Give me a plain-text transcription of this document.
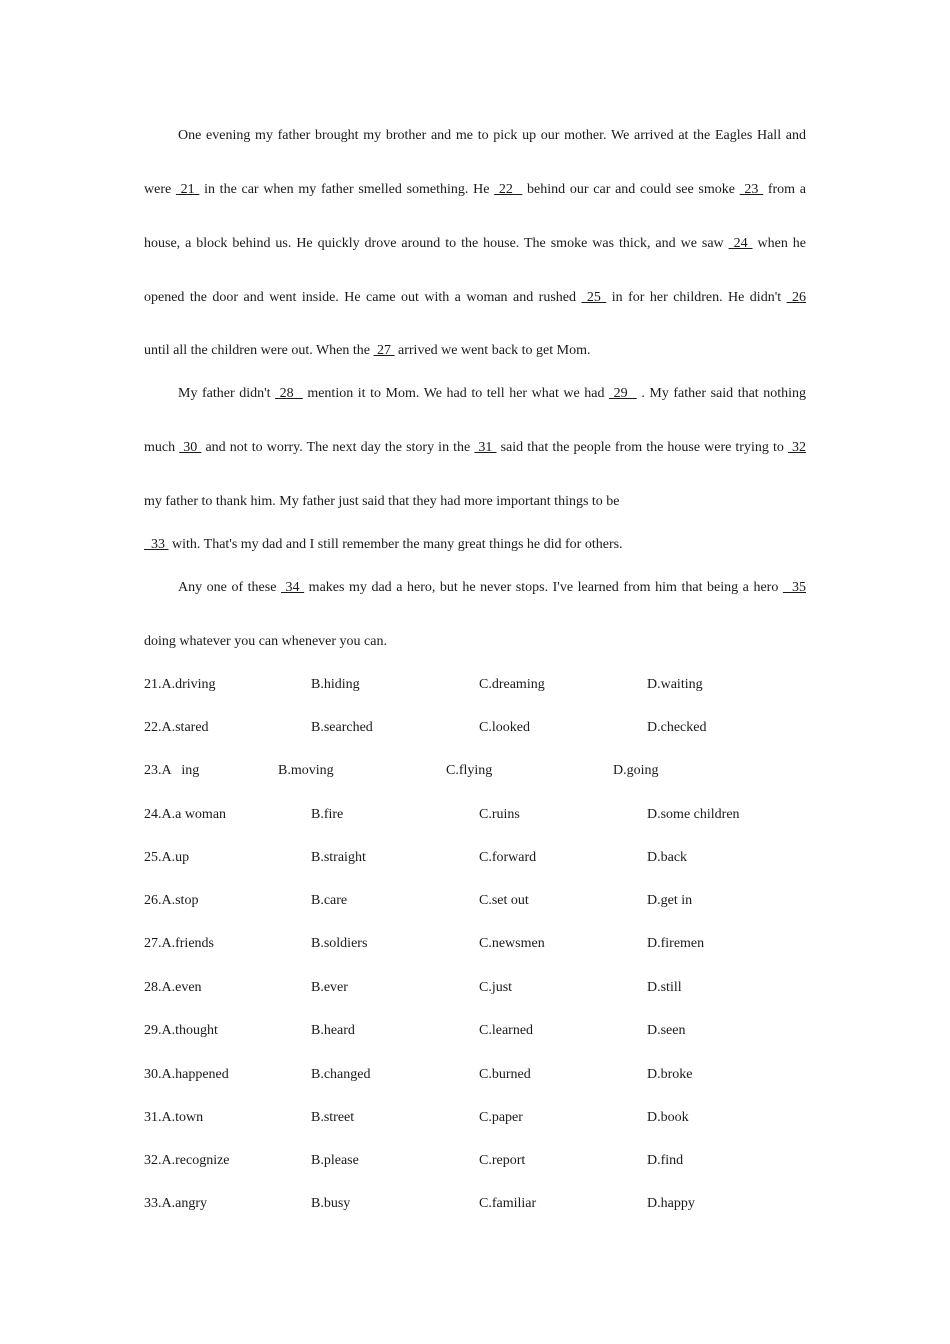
One evening my father brought my brother and me to pick up our mother. We arrived at the Eagles Hall and
were  21  in the car when my father smelled something. He  22   behind our car and could see smoke  23  from a
house, a block behind us. He quickly drove around to the house. The smoke was thick, and we saw  24  when he
opened the door and went inside. He came out with a woman and rushed  25  in for her children. He didn't  26
until all the children were out. When the  27  arrived we went back to get Mom.
My father didn't  28   mention it to Mom. We had to tell her what we had  29   . My father said that nothing
much  30  and not to worry. The next day the story in the  31  said that the people from the house were trying to  32
my father to thank him. My father just said that they had more important things to be
33  with. That's my dad and I still remember the many great things he did for others.
Any one of these  34  makes my dad a hero, but he never stops. I've learned from him that being a hero   35
doing whatever you can whenever you can.
21.A.driving	B.hiding	C.dreaming	D.waiting
22.A.stared	B.searched	C.looked	D.checked
23.A   ing	B.moving	C.flying	D.going
24.A.a woman	B.fire	C.ruins	D.some children
25.A.up	B.straight	C.forward	D.back
26.A.stop	B.care	C.set out	D.get in
27.A.friends	B.soldiers	C.newsmen	D.firemen
28.A.even	B.ever	C.just	D.still
29.A.thought	B.heard	C.learned	D.seen
30.A.happened	B.changed	C.burned	D.broke
31.A.town	B.street	C.paper	D.book
32.A.recognize	B.please	C.report	D.find
33.A.angry	B.busy	C.familiar	D.happy
